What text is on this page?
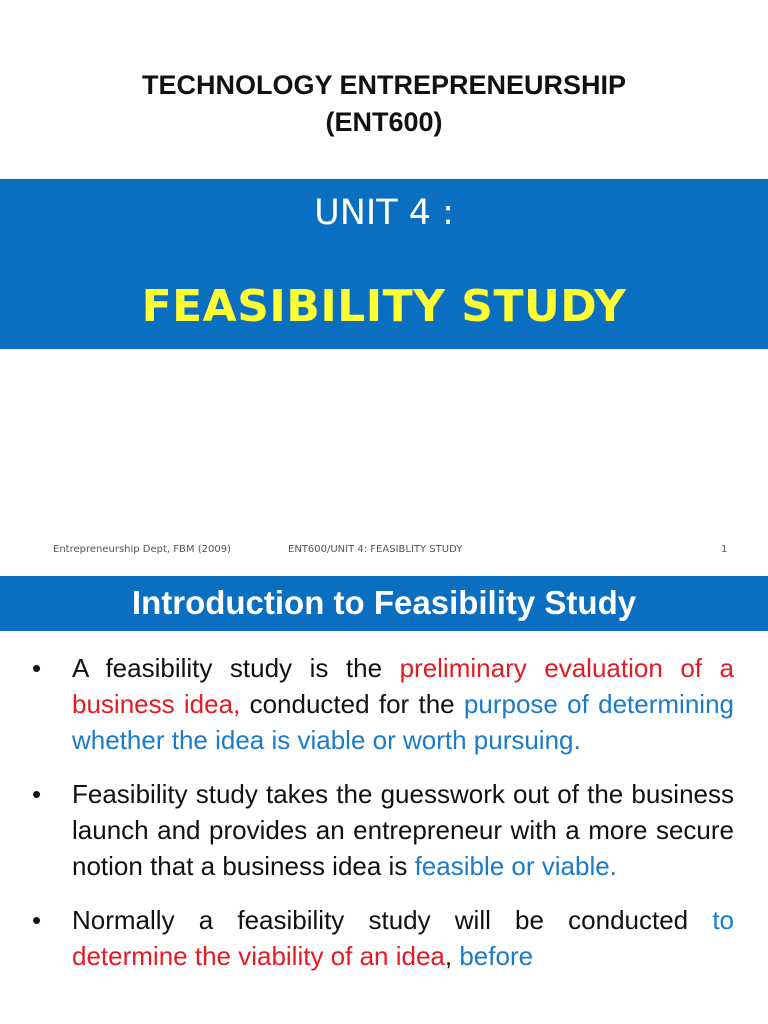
TECHNOLOGY ENTREPRENEURSHIP
(ENT600)
UNIT 4 :
FEASIBILITY STUDY
Entrepreneurship Dept, FBM (2009)	ENT600/UNIT 4: FEASIBLITY STUDY	1
Introduction to Feasibility Study
• A feasibility study is the preliminary evaluation of a business idea, conducted for the purpose of determining whether the idea is viable or worth pursuing.
• Feasibility study takes the guesswork out of the business launch and provides an entrepreneur with a more secure notion that a business idea is feasible or viable.
• Normally a feasibility study will be conducted to determine the viability of an idea, before
